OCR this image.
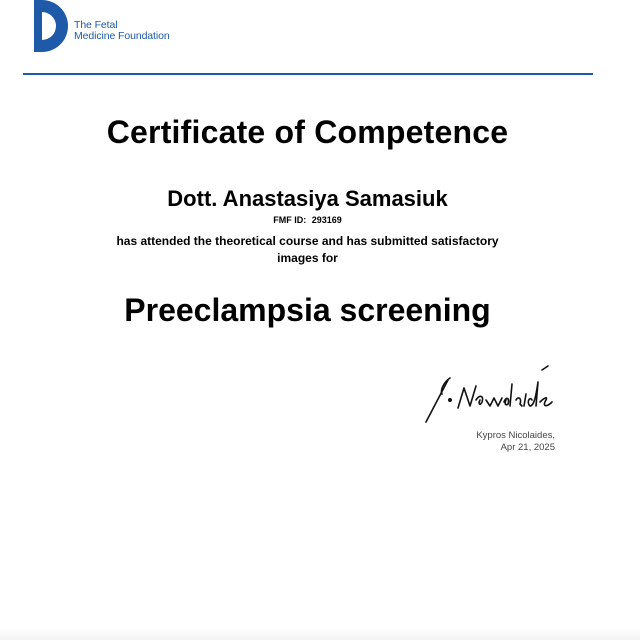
The Fetal
Medicine Foundation
Certificate of Competence
Dott. Anastasiya Samasiuk
FMF ID: 293169
has attended the theoretical course and has submitted satisfactory
images for
Preeclampsia screening
Kypros Nicolaides,
Apr 21, 2025
